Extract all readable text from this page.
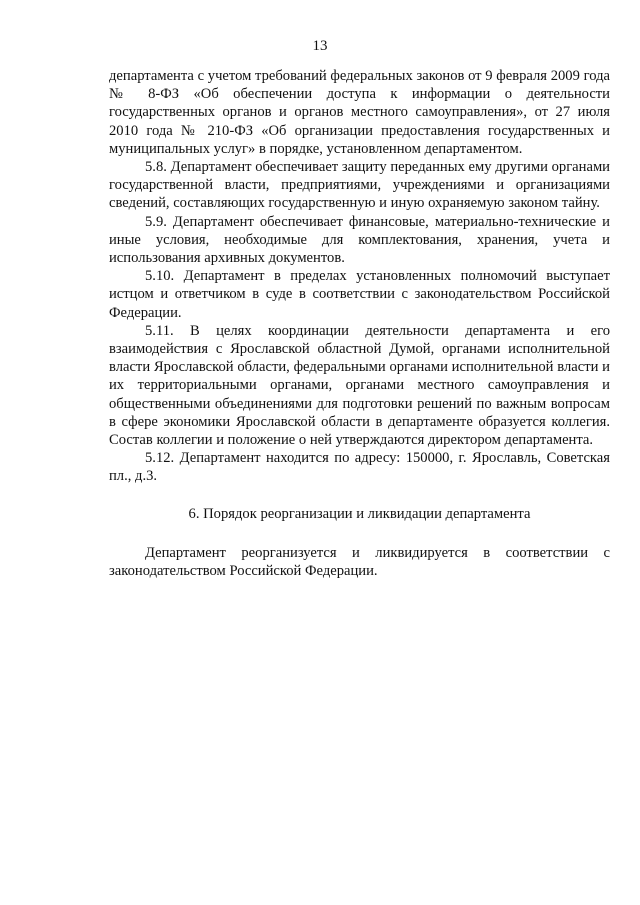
13

департамента с учетом требований федеральных законов от 9 февраля 2009 года № 8-ФЗ «Об обеспечении доступа к информации о деятельности государственных органов и органов местного самоуправления», от 27 июля 2010 года № 210-ФЗ «Об организации предоставления государственных и муниципальных услуг» в порядке, установленном департаментом.

5.8. Департамент обеспечивает защиту переданных ему другими органами государственной власти, предприятиями, учреждениями и организациями сведений, составляющих государственную и иную охраняемую законом тайну.

5.9. Департамент обеспечивает финансовые, материально-технические и иные условия, необходимые для комплектования, хранения, учета и использования архивных документов.

5.10. Департамент в пределах установленных полномочий выступает истцом и ответчиком в суде в соответствии с законодательством Российской Федерации.

5.11. В целях координации деятельности департамента и его взаимодействия с Ярославской областной Думой, органами исполнительной власти Ярославской области, федеральными органами исполнительной власти и их территориальными органами, органами местного самоуправления и общественными объединениями для подготовки решений по важным вопросам в сфере экономики Ярославской области в департаменте образуется коллегия. Состав коллегии и положение о ней утверждаются директором департамента.

5.12. Департамент находится по адресу: 150000, г. Ярославль, Советская пл., д.3.

6. Порядок реорганизации и ликвидации департамента

Департамент реорганизуется и ликвидируется в соответствии с законодательством Российской Федерации.
